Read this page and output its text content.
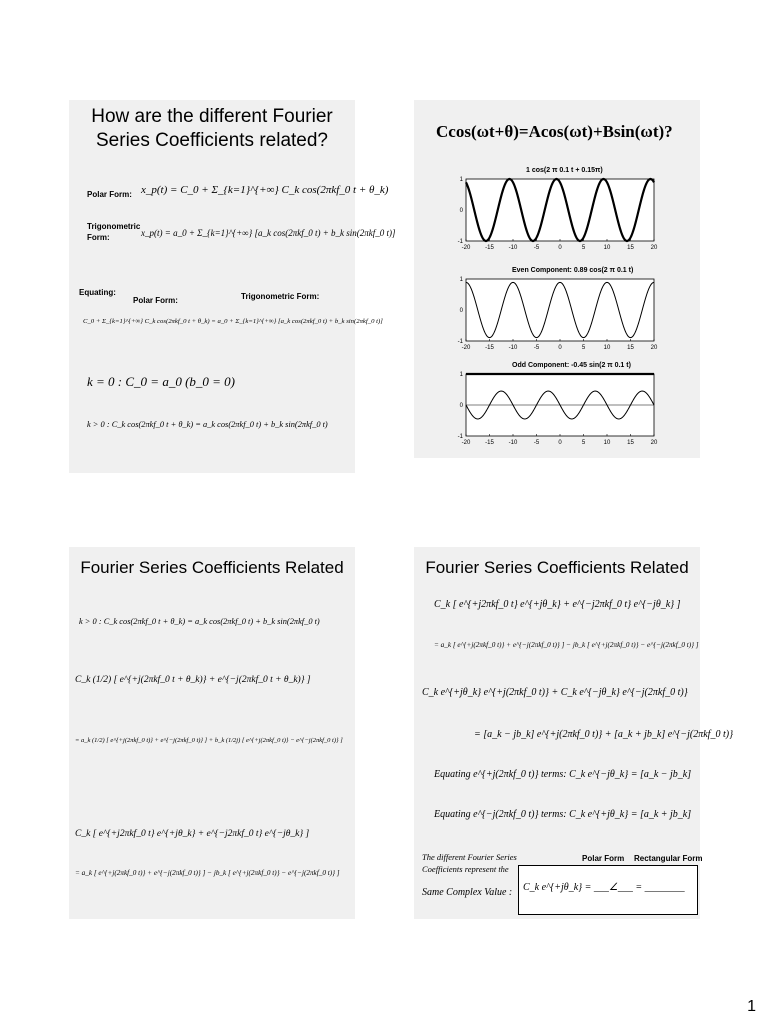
How are the different Fourier
Series Coefficients related?
Polar Form: x_p(t) = C_0 + Σ_{k=1}^{+∞} C_k cos(2πkf_0 t + θ_k)
Trigonometric
Form:	x_p(t) = a_0 + Σ_{k=1}^{+∞} [a_k cos(2πkf_0 t) + b_k sin(2πkf_0 t)]
Equating:
Polar Form:	Trigonometric Form:
C_0 + Σ_{k=1}^{+∞} C_k cos(2πkf_0 t + θ_k) = a_0 + Σ_{k=1}^{+∞} [a_k cos(2πkf_0 t) + b_k sin(2πkf_0 t)]
k = 0 : C_0 = a_0 (b_0 = 0)
k > 0 : C_k cos(2πkf_0 t + θ_k) = a_k cos(2πkf_0 t) + b_k sin(2πkf_0 t)
Ccos(ωt+θ)=Acos(ωt)+Bsin(ωt)?
1 cos(2 π 0.1 t + 0.15π)
1
0
-1
-20 -15 -10	-5	0	5	10	15	20
Even Component: 0.89 cos(2 π 0.1 t)
1
0
-1
-20 -15 -10	-5	0	5	10	15	20
Odd Component: -0.45 sin(2 π 0.1 t)
1
0
-1
-20 -15 -10	-5	0	5	10	15	20
Fourier Series Coefficients Related
k > 0 : C_k cos(2πkf_0 t + θ_k) = a_k cos(2πkf_0 t) + b_k sin(2πkf_0 t)
C_k (1/2) [ e^{+j(2πkf_0 t + θ_k)} + e^{−j(2πkf_0 t + θ_k)} ]
= a_k (1/2) [ e^{+j(2πkf_0 t)} + e^{−j(2πkf_0 t)} ] + b_k (1/2j) [ e^{+j(2πkf_0 t)} − e^{−j(2πkf_0 t)} ]
C_k [ e^{+j2πkf_0 t} e^{+jθ_k} + e^{−j2πkf_0 t} e^{−jθ_k} ]
= a_k [ e^{+j(2πkf_0 t)} + e^{−j(2πkf_0 t)} ] − jb_k [ e^{+j(2πkf_0 t)} − e^{−j(2πkf_0 t)} ]
Fourier Series Coefficients Related
C_k [ e^{+j2πkf_0 t} e^{+jθ_k} + e^{−j2πkf_0 t} e^{−jθ_k} ]
= a_k [ e^{+j(2πkf_0 t)} + e^{−j(2πkf_0 t)} ] − jb_k [ e^{+j(2πkf_0 t)} − e^{−j(2πkf_0 t)} ]
C_k e^{+jθ_k} e^{+j(2πkf_0 t)} + C_k e^{−jθ_k} e^{−j(2πkf_0 t)}
= [a_k − jb_k] e^{+j(2πkf_0 t)} + [a_k + jb_k] e^{−j(2πkf_0 t)}
Equating e^{+j(2πkf_0 t)} terms: C_k e^{−jθ_k} = [a_k − jb_k]
Equating e^{−j(2πkf_0 t)} terms: C_k e^{+jθ_k} = [a_k + jb_k]
The different Fourier Series
Coefficients represent the
Polar Form Rectangular Form
Same Complex Value : C_k e^{+jθ_k} = ___∠___ = ________
1
